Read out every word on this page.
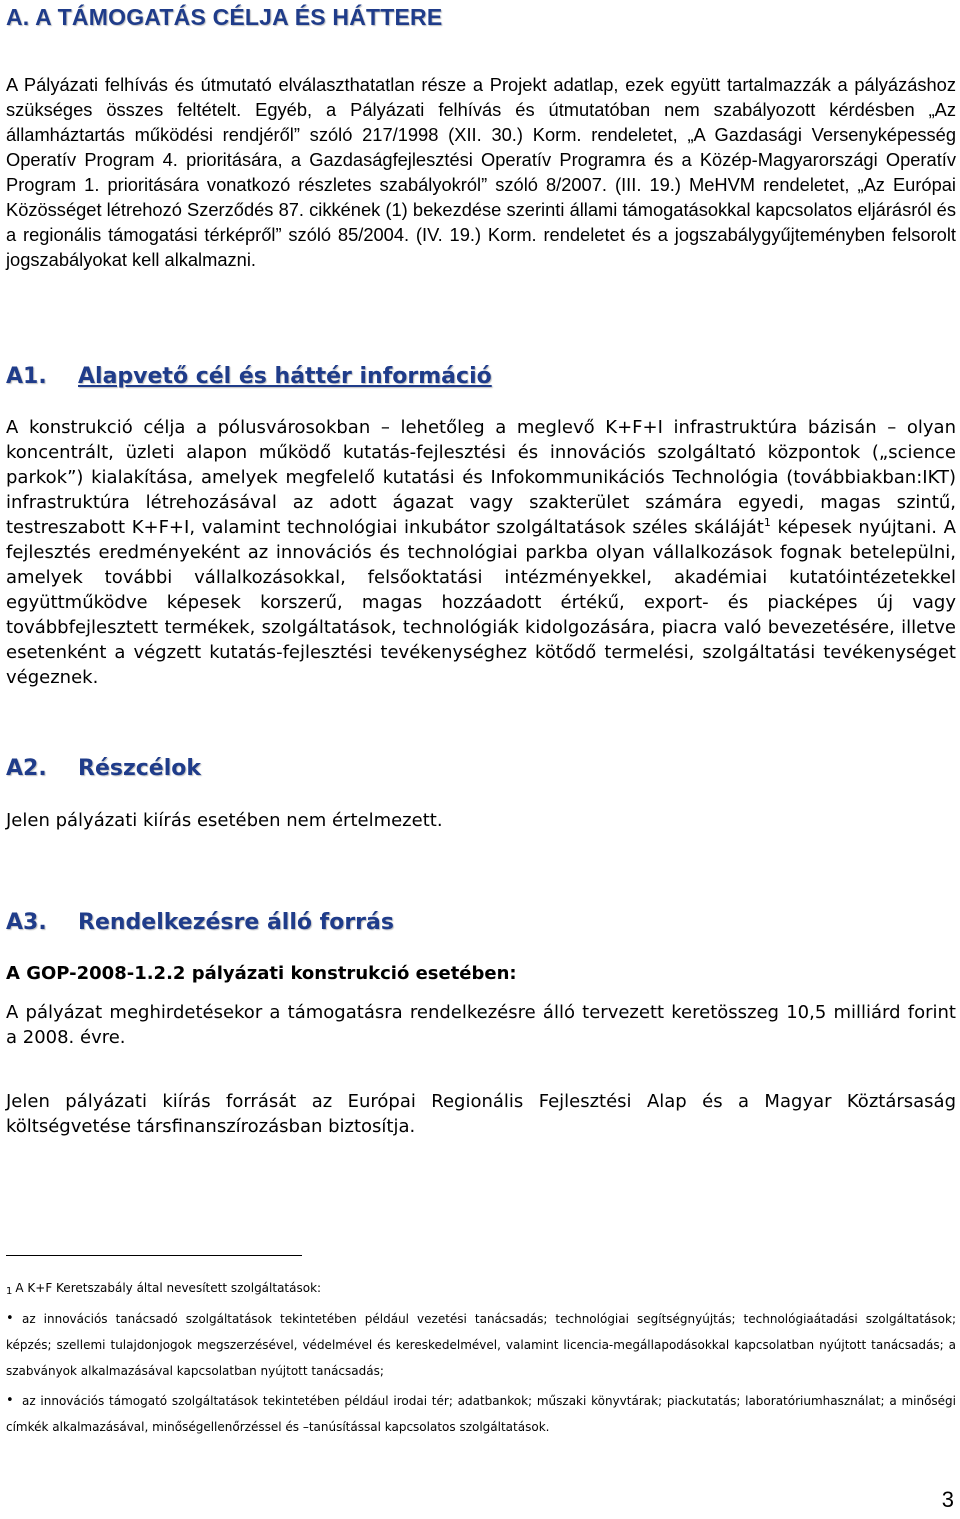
A. A TÁMOGATÁS CÉLJA ÉS HÁTTERE

A Pályázati felhívás és útmutató elválaszthatatlan része a Projekt adatlap, ezek együtt tartalmazzák a pályázáshoz szükséges összes feltételt. Egyéb, a Pályázati felhívás és útmutatóban nem szabályozott kérdésben „Az államháztartás működési rendjéről” szóló 217/1998 (XII. 30.) Korm. rendeletet, „A Gazdasági Versenyképesség Operatív Program 4. prioritására, a Gazdaságfejlesztési Operatív Programra és a Közép-Magyarországi Operatív Program 1. prioritására vonatkozó részletes szabályokról” szóló 8/2007. (III. 19.) MeHVM rendeletet, „Az Európai Közösséget létrehozó Szerződés 87. cikkének (1) bekezdése szerinti állami támogatásokkal kapcsolatos eljárásról és a regionális támogatási térképről” szóló 85/2004. (IV. 19.) Korm. rendeletet és a jogszabálygyűjteményben felsorolt jogszabályokat kell alkalmazni.

A1. Alapvető cél és háttér információ

A konstrukció célja a pólusvárosokban – lehetőleg a meglevő K+F+I infrastruktúra bázisán – olyan koncentrált, üzleti alapon működő kutatás-fejlesztési és innovációs szolgáltató központok („science parkok”) kialakítása, amelyek megfelelő kutatási és Infokommunikációs Technológia (továbbiakban:IKT) infrastruktúra létrehozásával az adott ágazat vagy szakterület számára egyedi, magas szintű, testreszabott K+F+I, valamint technológiai inkubátor szolgáltatások széles skáláját$^1$ képesek nyújtani. A fejlesztés eredményeként az innovációs és technológiai parkba olyan vállalkozások fognak betelepülni, amelyek további vállalkozásokkal, felsőoktatási intézményekkel, akadémiai kutatóintézetekkel együttműködve képesek korszerű, magas hozzáadott értékű, export- és piacképes új vagy továbbfejlesztett termékek, szolgáltatások, technológiák kidolgozására, piacra való bevezetésére, illetve esetenként a végzett kutatás-fejlesztési tevékenységhez kötődő termelési, szolgáltatási tevékenységet végeznek.

A2. Részcélok

Jelen pályázati kiírás esetében nem értelmezett.

A3. Rendelkezésre álló forrás

A GOP-2008-1.2.2 pályázati konstrukció esetében:

A pályázat meghirdetésekor a támogatásra rendelkezésre álló tervezett keretösszeg 10,5 milliárd forint a 2008. évre.

Jelen pályázati kiírás forrását az Európai Regionális Fejlesztési Alap és a Magyar Köztársaság költségvetése társfinanszírozásban biztosítja.

1 A K+F Keretszabály által nevesített szolgáltatások:
• az innovációs tanácsadó szolgáltatások tekintetében például vezetési tanácsadás; technológiai segítségnyújtás; technológiaátadási szolgáltatások; képzés; szellemi tulajdonjogok megszerzésével, védelmével és kereskedelmével, valamint licencia-megállapodásokkal kapcsolatban nyújtott tanácsadás; a szabványok alkalmazásával kapcsolatban nyújtott tanácsadás;
• az innovációs támogató szolgáltatások tekintetében például irodai tér; adatbankok; műszaki könyvtárak; piackutatás; laboratóriumhasználat; a minőségi címkék alkalmazásával, minőségellenőrzéssel és –tanúsítással kapcsolatos szolgáltatások.
3
